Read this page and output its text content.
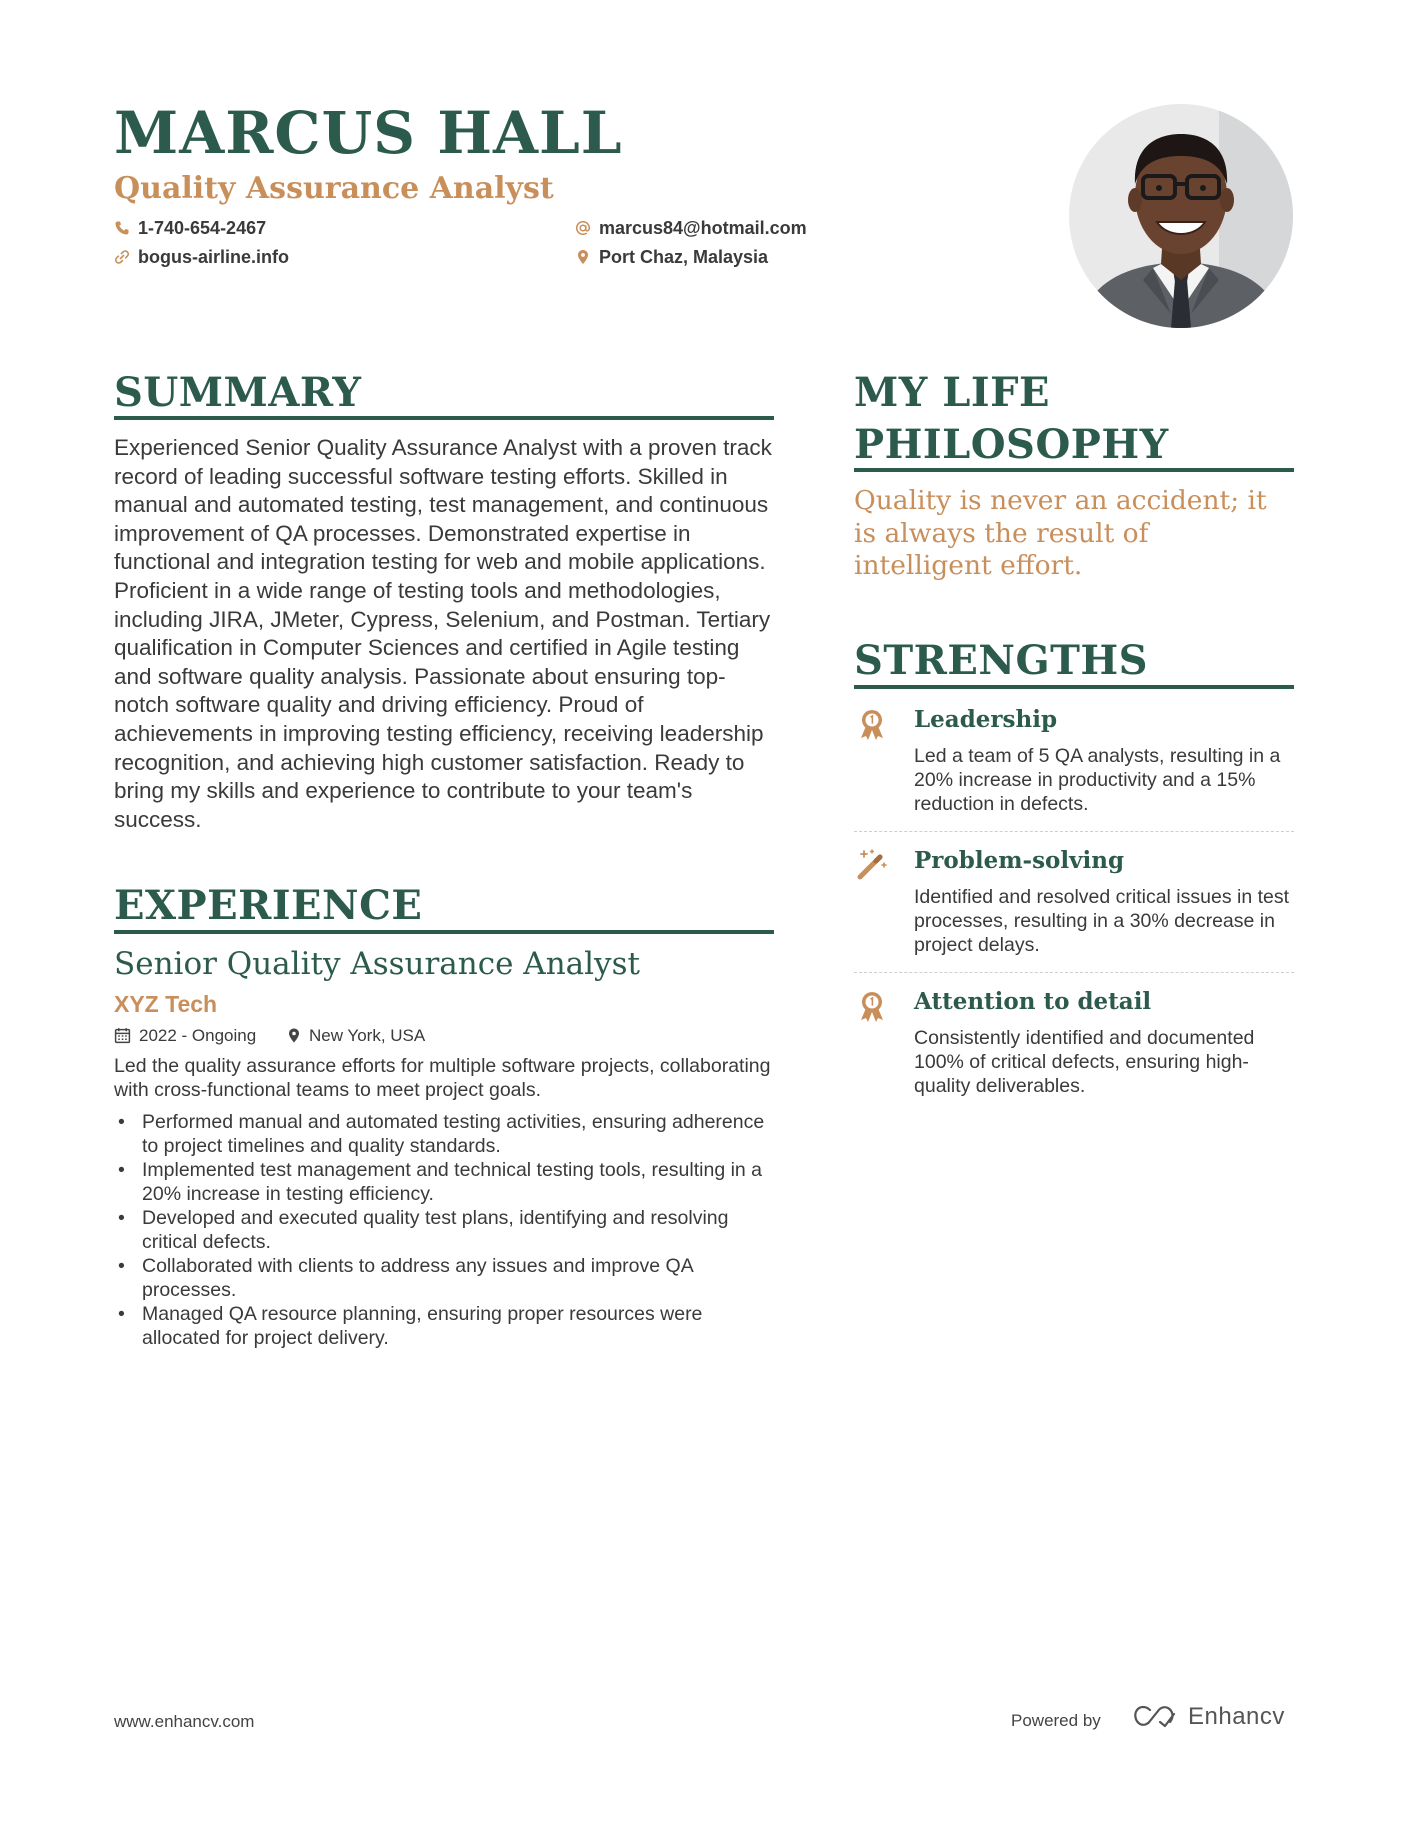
MARCUS HALL
Quality Assurance Analyst
1-740-654-2467
bogus-airline.info
marcus84@hotmail.com
Port Chaz, Malaysia
SUMMARY
Experienced Senior Quality Assurance Analyst with a proven track record of leading successful software testing efforts. Skilled in manual and automated testing, test management, and continuous improvement of QA processes. Demonstrated expertise in functional and integration testing for web and mobile applications. Proficient in a wide range of testing tools and methodologies, including JIRA, JMeter, Cypress, Selenium, and Postman. Tertiary qualification in Computer Sciences and certified in Agile testing and software quality analysis. Passionate about ensuring top-notch software quality and driving efficiency. Proud of achievements in improving testing efficiency, receiving leadership recognition, and achieving high customer satisfaction. Ready to bring my skills and experience to contribute to your team's success.
EXPERIENCE
Senior Quality Assurance Analyst
XYZ Tech
2022 - Ongoing	New York, USA
Led the quality assurance efforts for multiple software projects, collaborating with cross-functional teams to meet project goals.
• Performed manual and automated testing activities, ensuring adherence to project timelines and quality standards.
• Implemented test management and technical testing tools, resulting in a 20% increase in testing efficiency.
• Developed and executed quality test plans, identifying and resolving critical defects.
• Collaborated with clients to address any issues and improve QA processes.
• Managed QA resource planning, ensuring proper resources were allocated for project delivery.
MY LIFE
PHILOSOPHY
Quality is never an accident; it is always the result of intelligent effort.
STRENGTHS
Leadership
Led a team of 5 QA analysts, resulting in a 20% increase in productivity and a 15% reduction in defects.
Problem-solving
Identified and resolved critical issues in test processes, resulting in a 30% decrease in project delays.
Attention to detail
Consistently identified and documented 100% of critical defects, ensuring high-quality deliverables.
www.enhancv.com	Powered by	Enhancv
